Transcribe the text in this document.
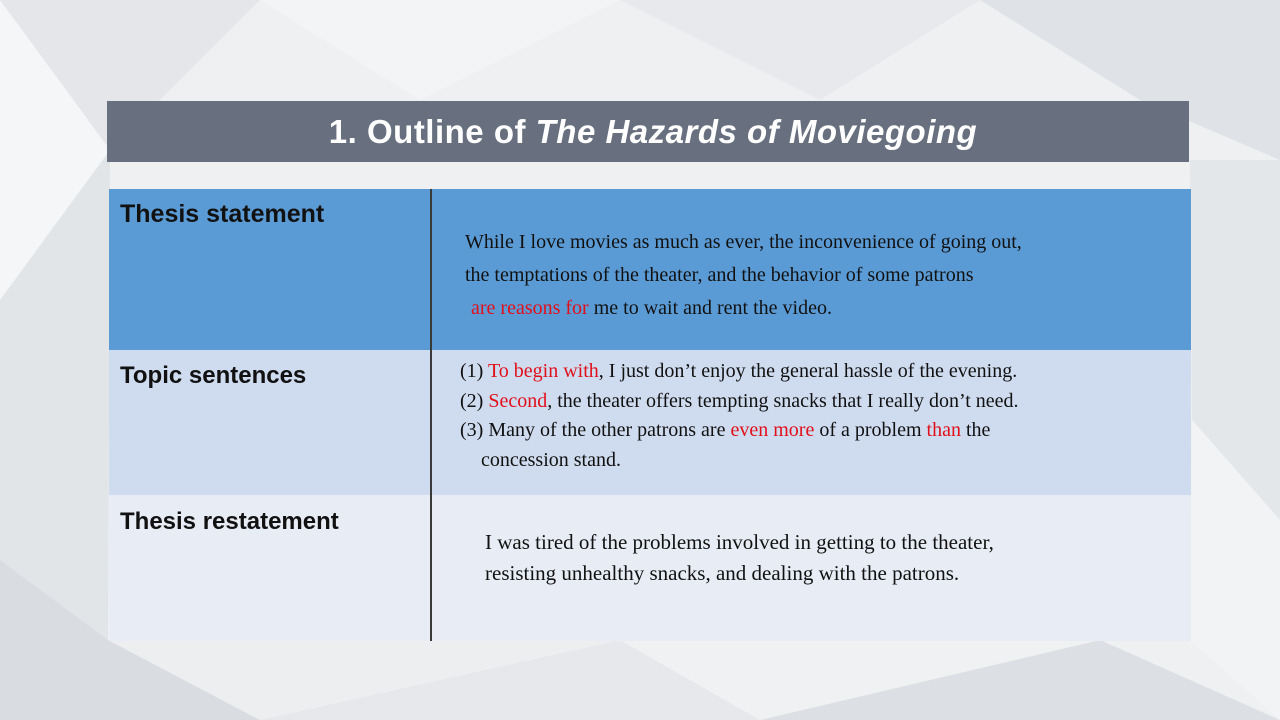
1. Outline of The Hazards of Moviegoing
Thesis statement
While I love movies as much as ever, the inconvenience of going out,
the temptations of the theater, and the behavior of some patrons
are reasons for me to wait and rent the video.
Topic sentences	(1) To begin with, I just don’t enjoy the general hassle of the evening.
(2) Second, the theater offers tempting snacks that I really don’t need.
(3) Many of the other patrons are even more of a problem than the
concession stand.
Thesis restatement
I was tired of the problems involved in getting to the theater,
resisting unhealthy snacks, and dealing with the patrons.
